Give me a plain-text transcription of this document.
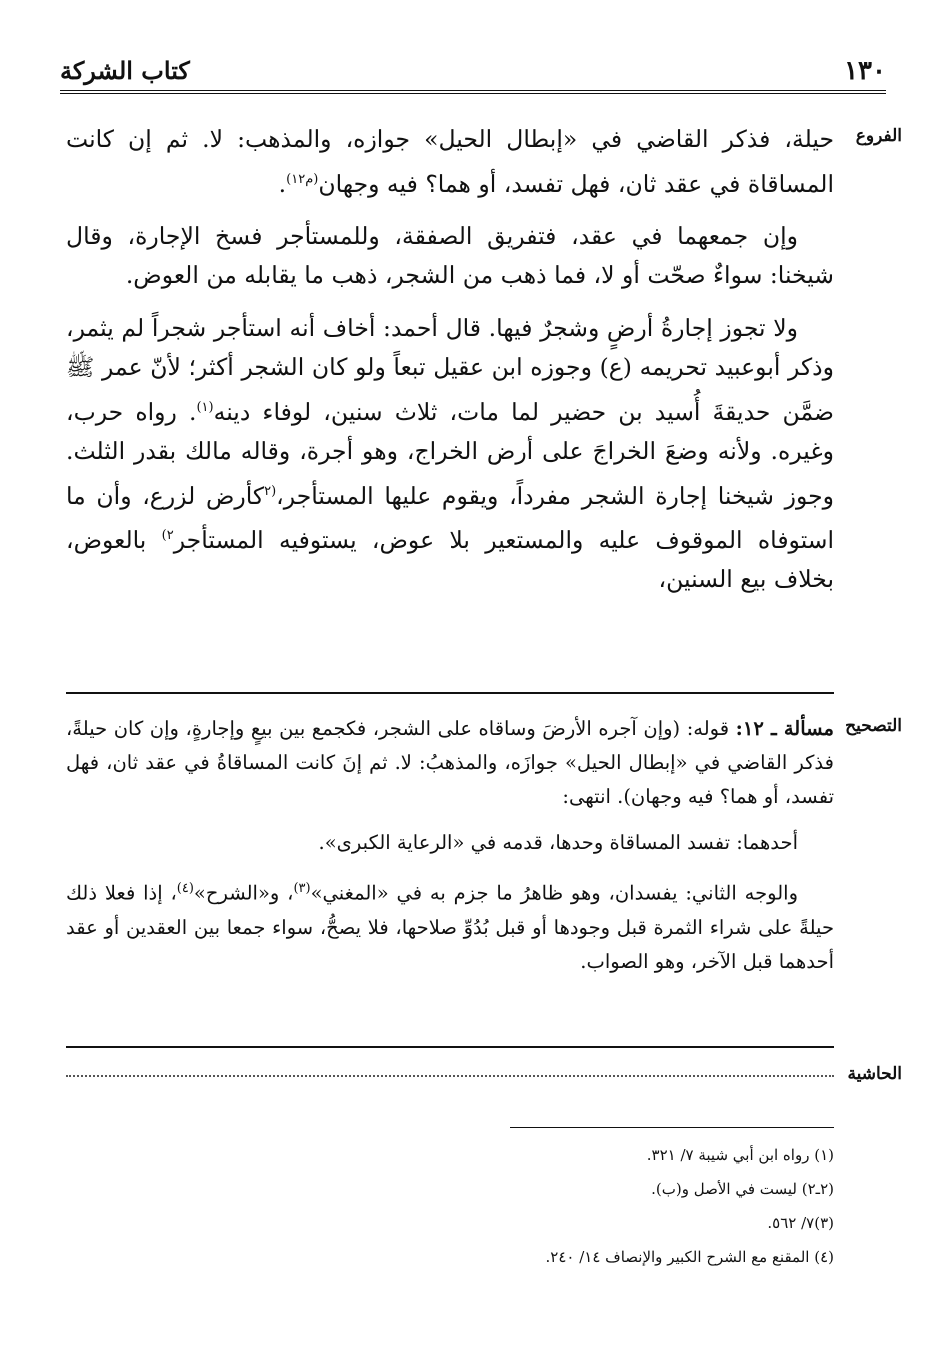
١٣٠
كتاب الشركة
الفروع

حيلة، فذكر القاضي في «إبطال الحيل» جوازه، والمذهب: لا. ثم إن كانت المساقاة في عقد ثان، فهل تفسد، أو هما؟ فيه وجهان$^{(م١٢)}$.

وإن جمعهما في عقد، فتفريق الصفقة، وللمستأجر فسخ الإجارة، وقال شيخنا: سواءٌ صحّت أو لا، فما ذهب من الشجر، ذهب ما يقابله من العوض.

ولا تجوز إجارةُ أرضٍ وشجرٌ فيها. قال أحمد: أخاف أنه استأجر شجراً لم يثمر، وذكر أبوعبيد تحريمه (ع) وجوزه ابن عقيل تبعاً ولو كان الشجر أكثر؛ لأنّ عمر ﷺ ضمَّن حديقةَ أُسيد بن حضير لما مات، ثلاث سنين، لوفاء دينه$^{(١)}$. رواه حرب، وغيره. ولأنه وضعَ الخراجَ على أرض الخراج، وهو أجرة، وقاله مالك بقدر الثلث. وجوز شيخنا إجارة الشجر مفرداً، ويقوم عليها المستأجر،$^{(٢}$كأرض لزرع، وأن ما استوفاه الموقوف عليه والمستعير بلا عوض، يستوفيه المستأجر$^{٢)}$ بالعوض، بخلاف بيع السنين،

التصحيح

مسألة ـ ١٢: قوله: (وإن آجره الأرضَ وساقاه على الشجر، فكجمع بين بيعٍ وإجارةٍ، وإن كان حيلةً، فذكر القاضي في «إبطال الحيل» جوازَه، والمذهبُ: لا. ثم إنَ كانت المساقاةُ في عقد ثان، فهل تفسد، أو هما؟ فيه وجهان). انتهى:

أحدهما: تفسد المساقاة وحدها، قدمه في «الرعاية الكبرى».

والوجه الثاني: يفسدان، وهو ظاهرُ ما جزم به في «المغني»$^{(٣)}$، و«الشرح»$^{(٤)}$، إذا فعلا ذلك حيلةً على شراء الثمرة قبل وجودها أو قبل بُدُوِّ صلاحها، فلا يصحُّ، سواء جمعا بين العقدين أو عقد أحدهما قبل الآخر، وهو الصواب.

الحاشية
(١) رواه ابن أبي شيبة ٧/ ٣٢١.
(٢ـ٢) ليست في الأصل و(ب).
(٣)٧/ ٥٦٢.
(٤) المقنع مع الشرح الكبير والإنصاف ١٤/ ٢٤٠.
